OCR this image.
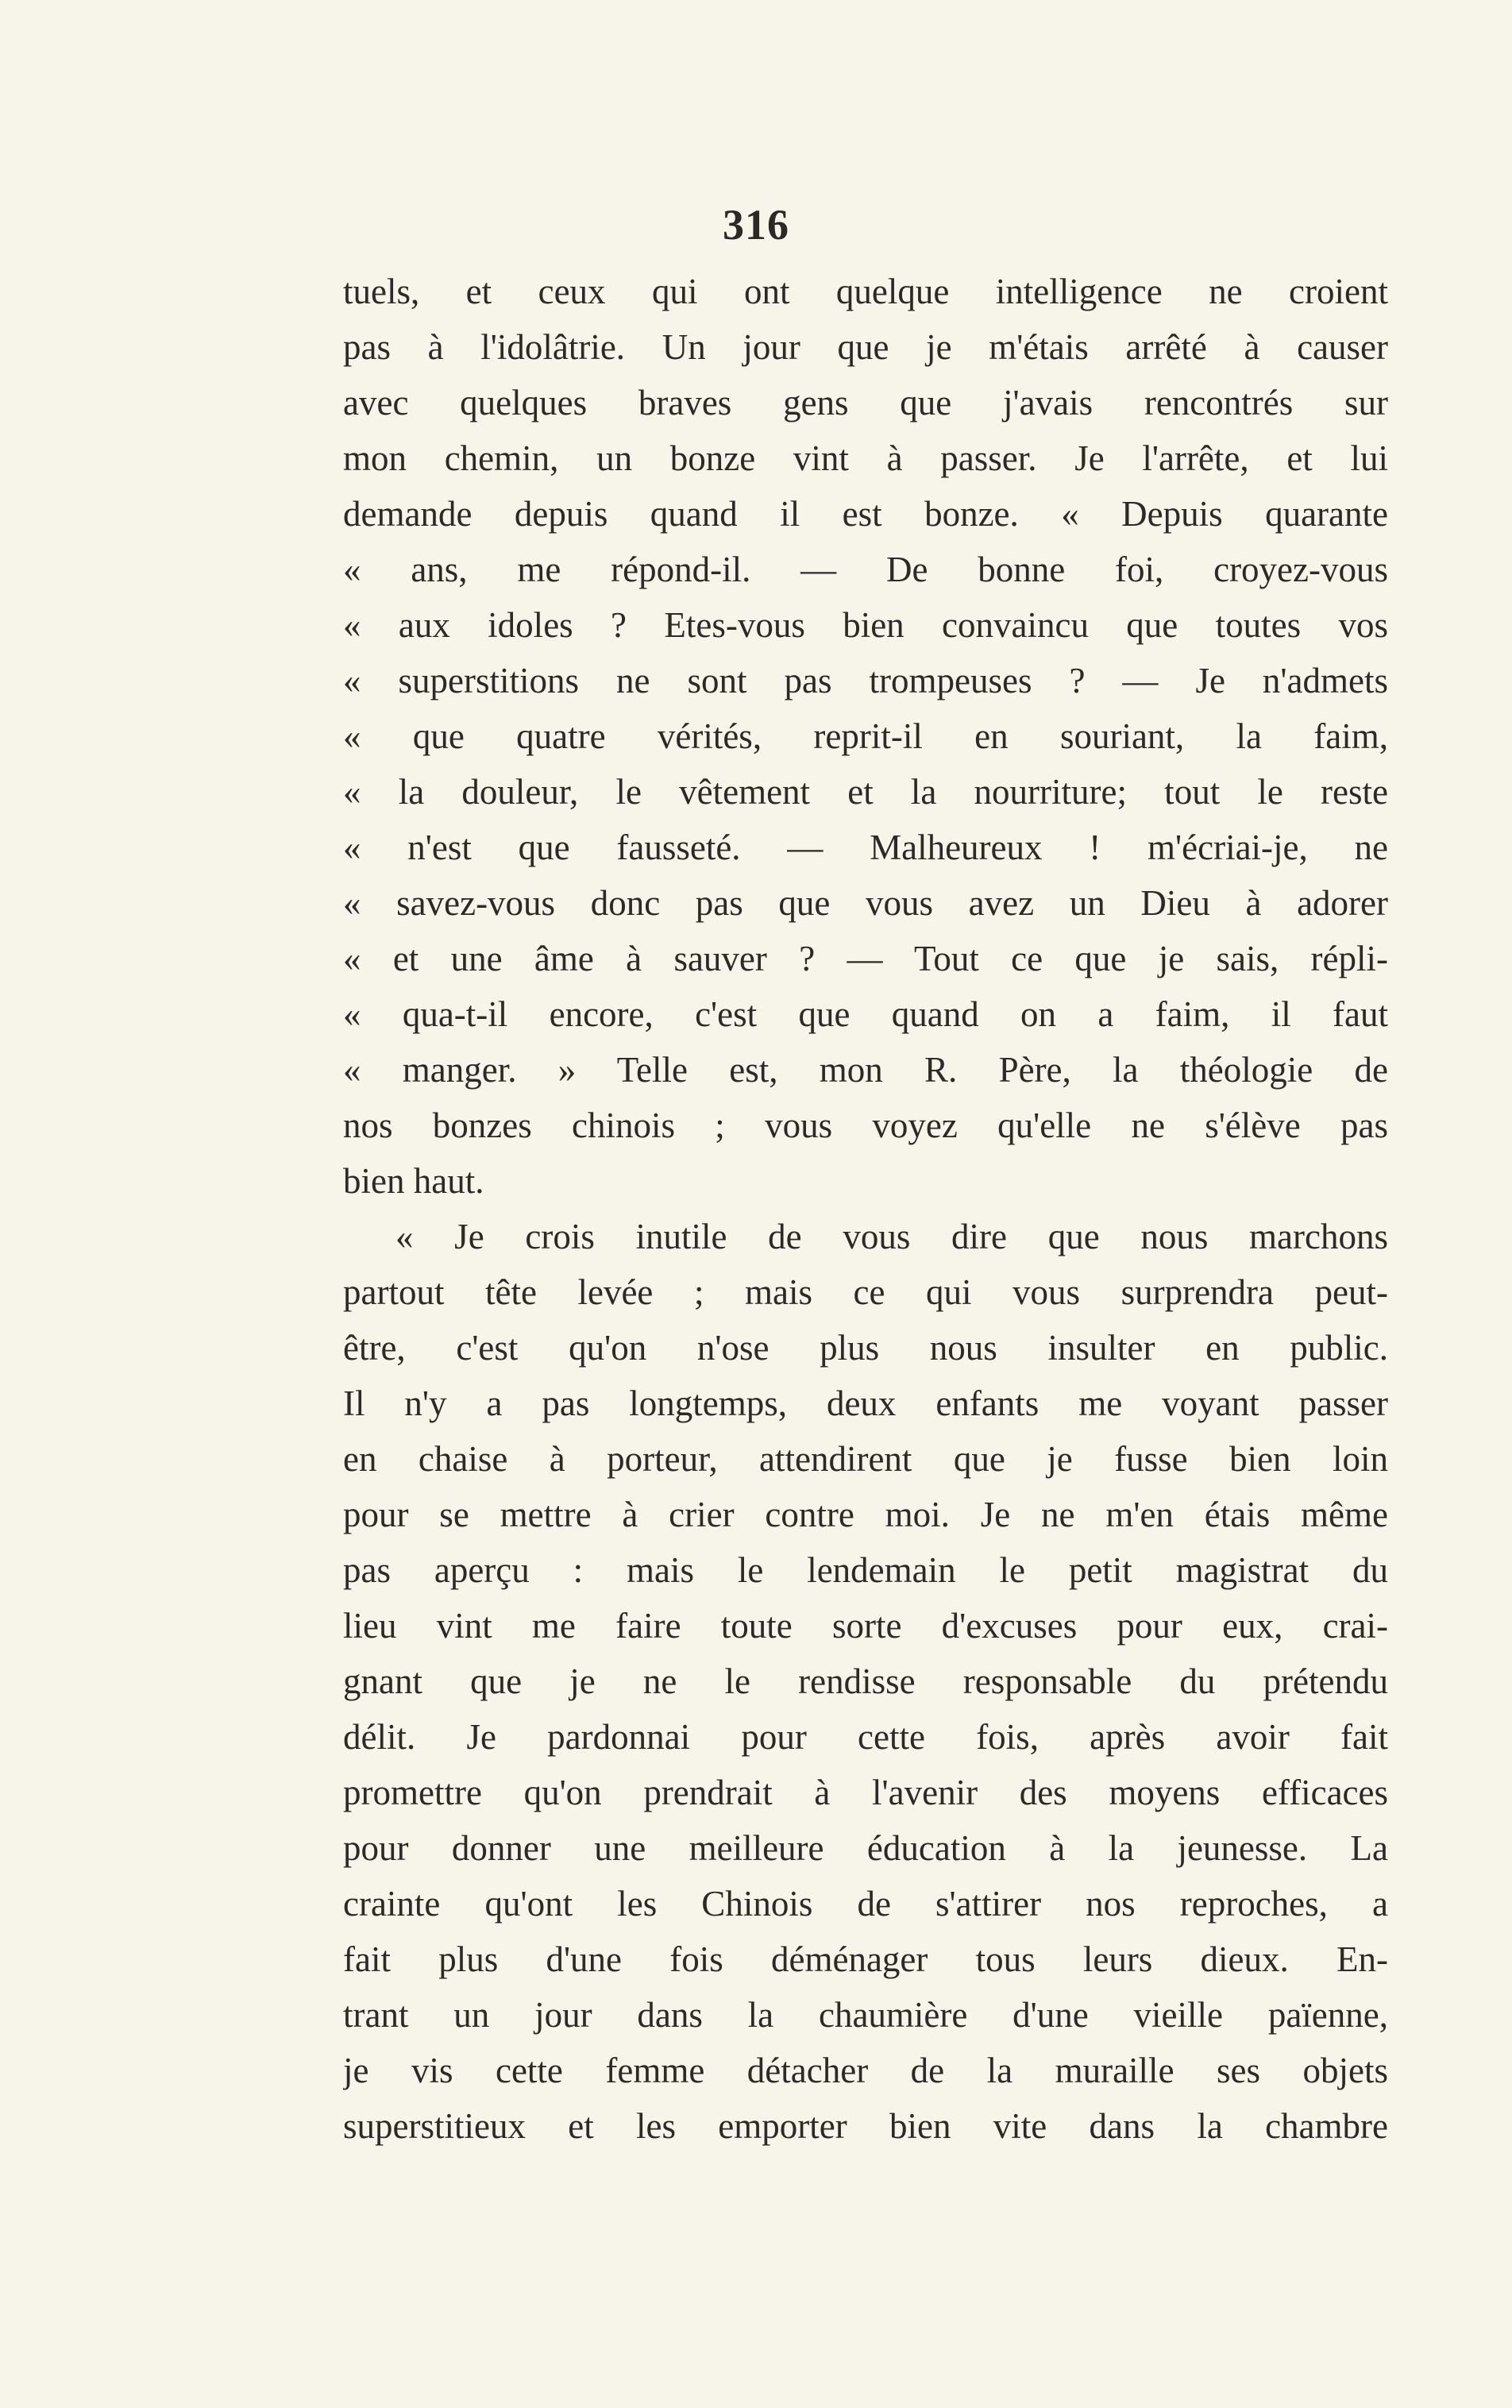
316
tuels, et ceux qui ont quelque intelligence ne croient
pas à l'idolâtrie. Un jour que je m'étais arrêté à causer
avec quelques braves gens que j'avais rencontrés sur
mon chemin, un bonze vint à passer. Je l'arrête, et lui
demande depuis quand il est bonze. « Depuis quarante
« ans, me répond-il. — De bonne foi, croyez-vous
« aux idoles ? Etes-vous bien convaincu que toutes vos
« superstitions ne sont pas trompeuses ? — Je n'admets
« que quatre vérités, reprit-il en souriant, la faim,
« la douleur, le vêtement et la nourriture; tout le reste
« n'est que fausseté. — Malheureux ! m'écriai-je, ne
« savez-vous donc pas que vous avez un Dieu à adorer
« et une âme à sauver ? — Tout ce que je sais, répli-
« qua-t-il encore, c'est que quand on a faim, il faut
« manger. » Telle est, mon R. Père, la théologie de
nos bonzes chinois ; vous voyez qu'elle ne s'élève pas
bien haut.
« Je crois inutile de vous dire que nous marchons
partout tête levée ; mais ce qui vous surprendra peut-
être, c'est qu'on n'ose plus nous insulter en public.
Il n'y a pas longtemps, deux enfants me voyant passer
en chaise à porteur, attendirent que je fusse bien loin
pour se mettre à crier contre moi. Je ne m'en étais même
pas aperçu : mais le lendemain le petit magistrat du
lieu vint me faire toute sorte d'excuses pour eux, crai-
gnant que je ne le rendisse responsable du prétendu
délit. Je pardonnai pour cette fois, après avoir fait
promettre qu'on prendrait à l'avenir des moyens efficaces
pour donner une meilleure éducation à la jeunesse. La
crainte qu'ont les Chinois de s'attirer nos reproches, a
fait plus d'une fois déménager tous leurs dieux. En-
trant un jour dans la chaumière d'une vieille païenne,
je vis cette femme détacher de la muraille ses objets
superstitieux et les emporter bien vite dans la chambre
